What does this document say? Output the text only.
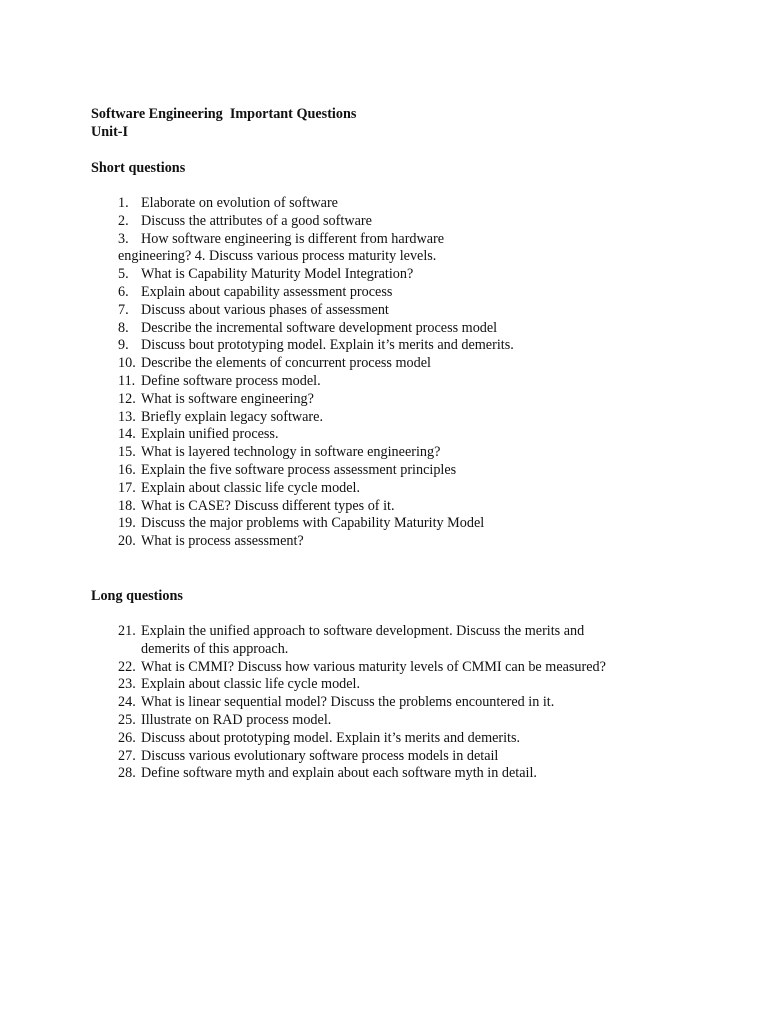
Software Engineering  Important Questions
Unit-I
Short questions
1. Elaborate on evolution of software
2. Discuss the attributes of a good software
3. How software engineering is different from hardware
engineering? 4. Discuss various process maturity levels.
5. What is Capability Maturity Model Integration?
6. Explain about capability assessment process
7. Discuss about various phases of assessment
8. Describe the incremental software development process model
9. Discuss bout prototyping model. Explain it’s merits and demerits.
10. Describe the elements of concurrent process model
11. Define software process model.
12. What is software engineering?
13. Briefly explain legacy software.
14. Explain unified process.
15. What is layered technology in software engineering?
16. Explain the five software process assessment principles
17. Explain about classic life cycle model.
18. What is CASE? Discuss different types of it.
19. Discuss the major problems with Capability Maturity Model
20. What is process assessment?
Long questions
21. Explain the unified approach to software development. Discuss the merits and demerits of this approach.
22. What is CMMI? Discuss how various maturity levels of CMMI can be measured?
23. Explain about classic life cycle model.
24. What is linear sequential model? Discuss the problems encountered in it.
25. Illustrate on RAD process model.
26. Discuss about prototyping model. Explain it’s merits and demerits.
27. Discuss various evolutionary software process models in detail
28. Define software myth and explain about each software myth in detail.
